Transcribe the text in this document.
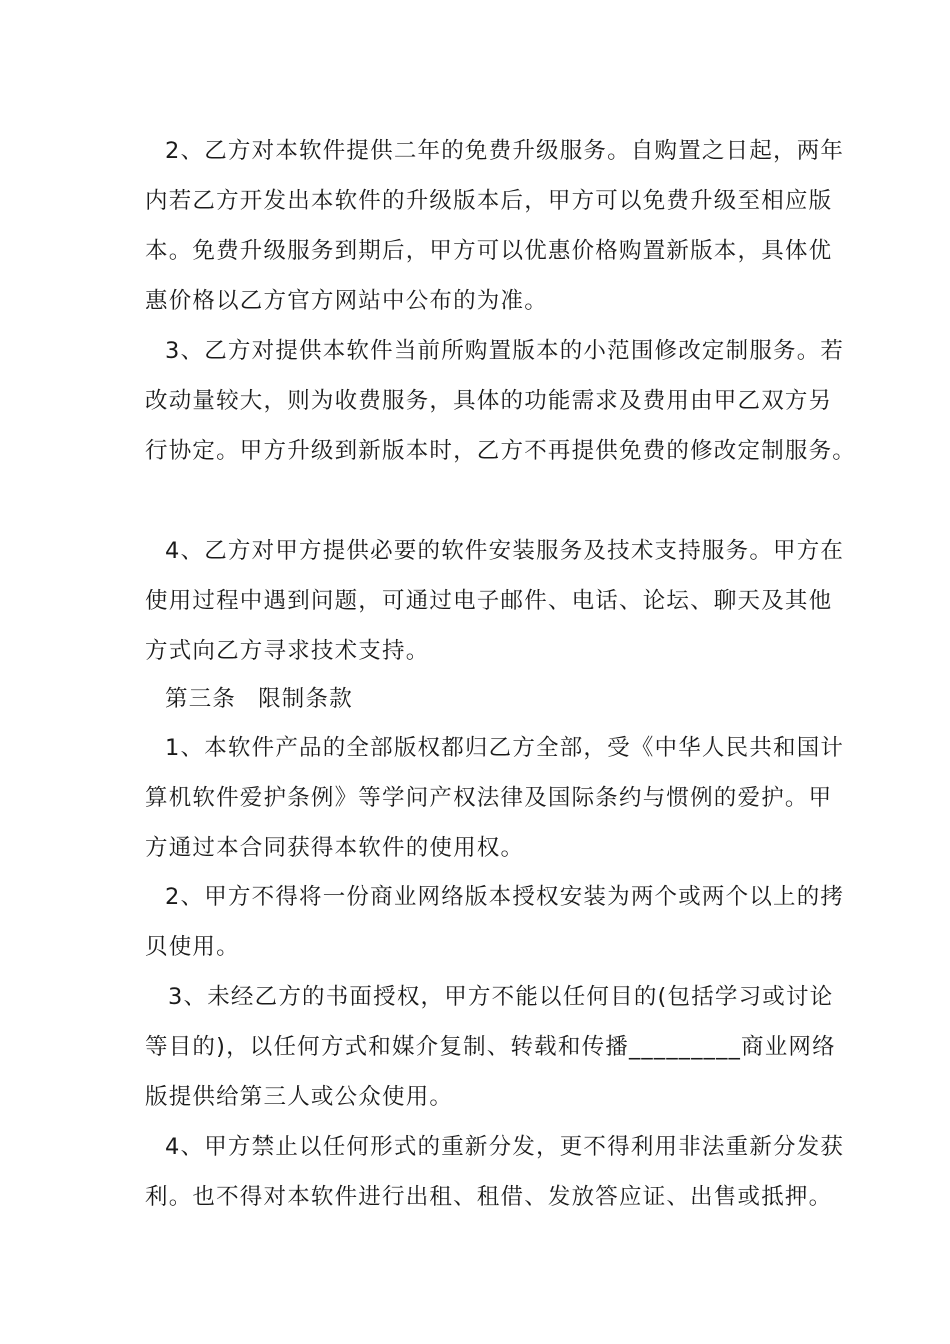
2、乙方对本软件提供二年的免费升级服务。自购置之日起，两年

内若乙方开发出本软件的升级版本后，甲方可以免费升级至相应版

本。免费升级服务到期后，甲方可以优惠价格购置新版本，具体优

惠价格以乙方官方网站中公布的为准。

3、乙方对提供本软件当前所购置版本的小范围修改定制服务。若

改动量较大，则为收费服务，具体的功能需求及费用由甲乙双方另

行协定。甲方升级到新版本时，乙方不再提供免费的修改定制服务。

4、乙方对甲方提供必要的软件安装服务及技术支持服务。甲方在

使用过程中遇到问题，可通过电子邮件、电话、论坛、聊天及其他

方式向乙方寻求技术支持。

第三条 限制条款

1、本软件产品的全部版权都归乙方全部，受《中华人民共和国计

算机软件爱护条例》等学问产权法律及国际条约与惯例的爱护。甲

方通过本合同获得本软件的使用权。

2、甲方不得将一份商业网络版本授权安装为两个或两个以上的拷

贝使用。

3、未经乙方的书面授权，甲方不能以任何目的(包括学习或讨论

等目的)，以任何方式和媒介复制、转载和传播_________商业网络

版提供给第三人或公众使用。

4、甲方禁止以任何形式的重新分发，更不得利用非法重新分发获

利。也不得对本软件进行出租、租借、发放答应证、出售或抵押。
